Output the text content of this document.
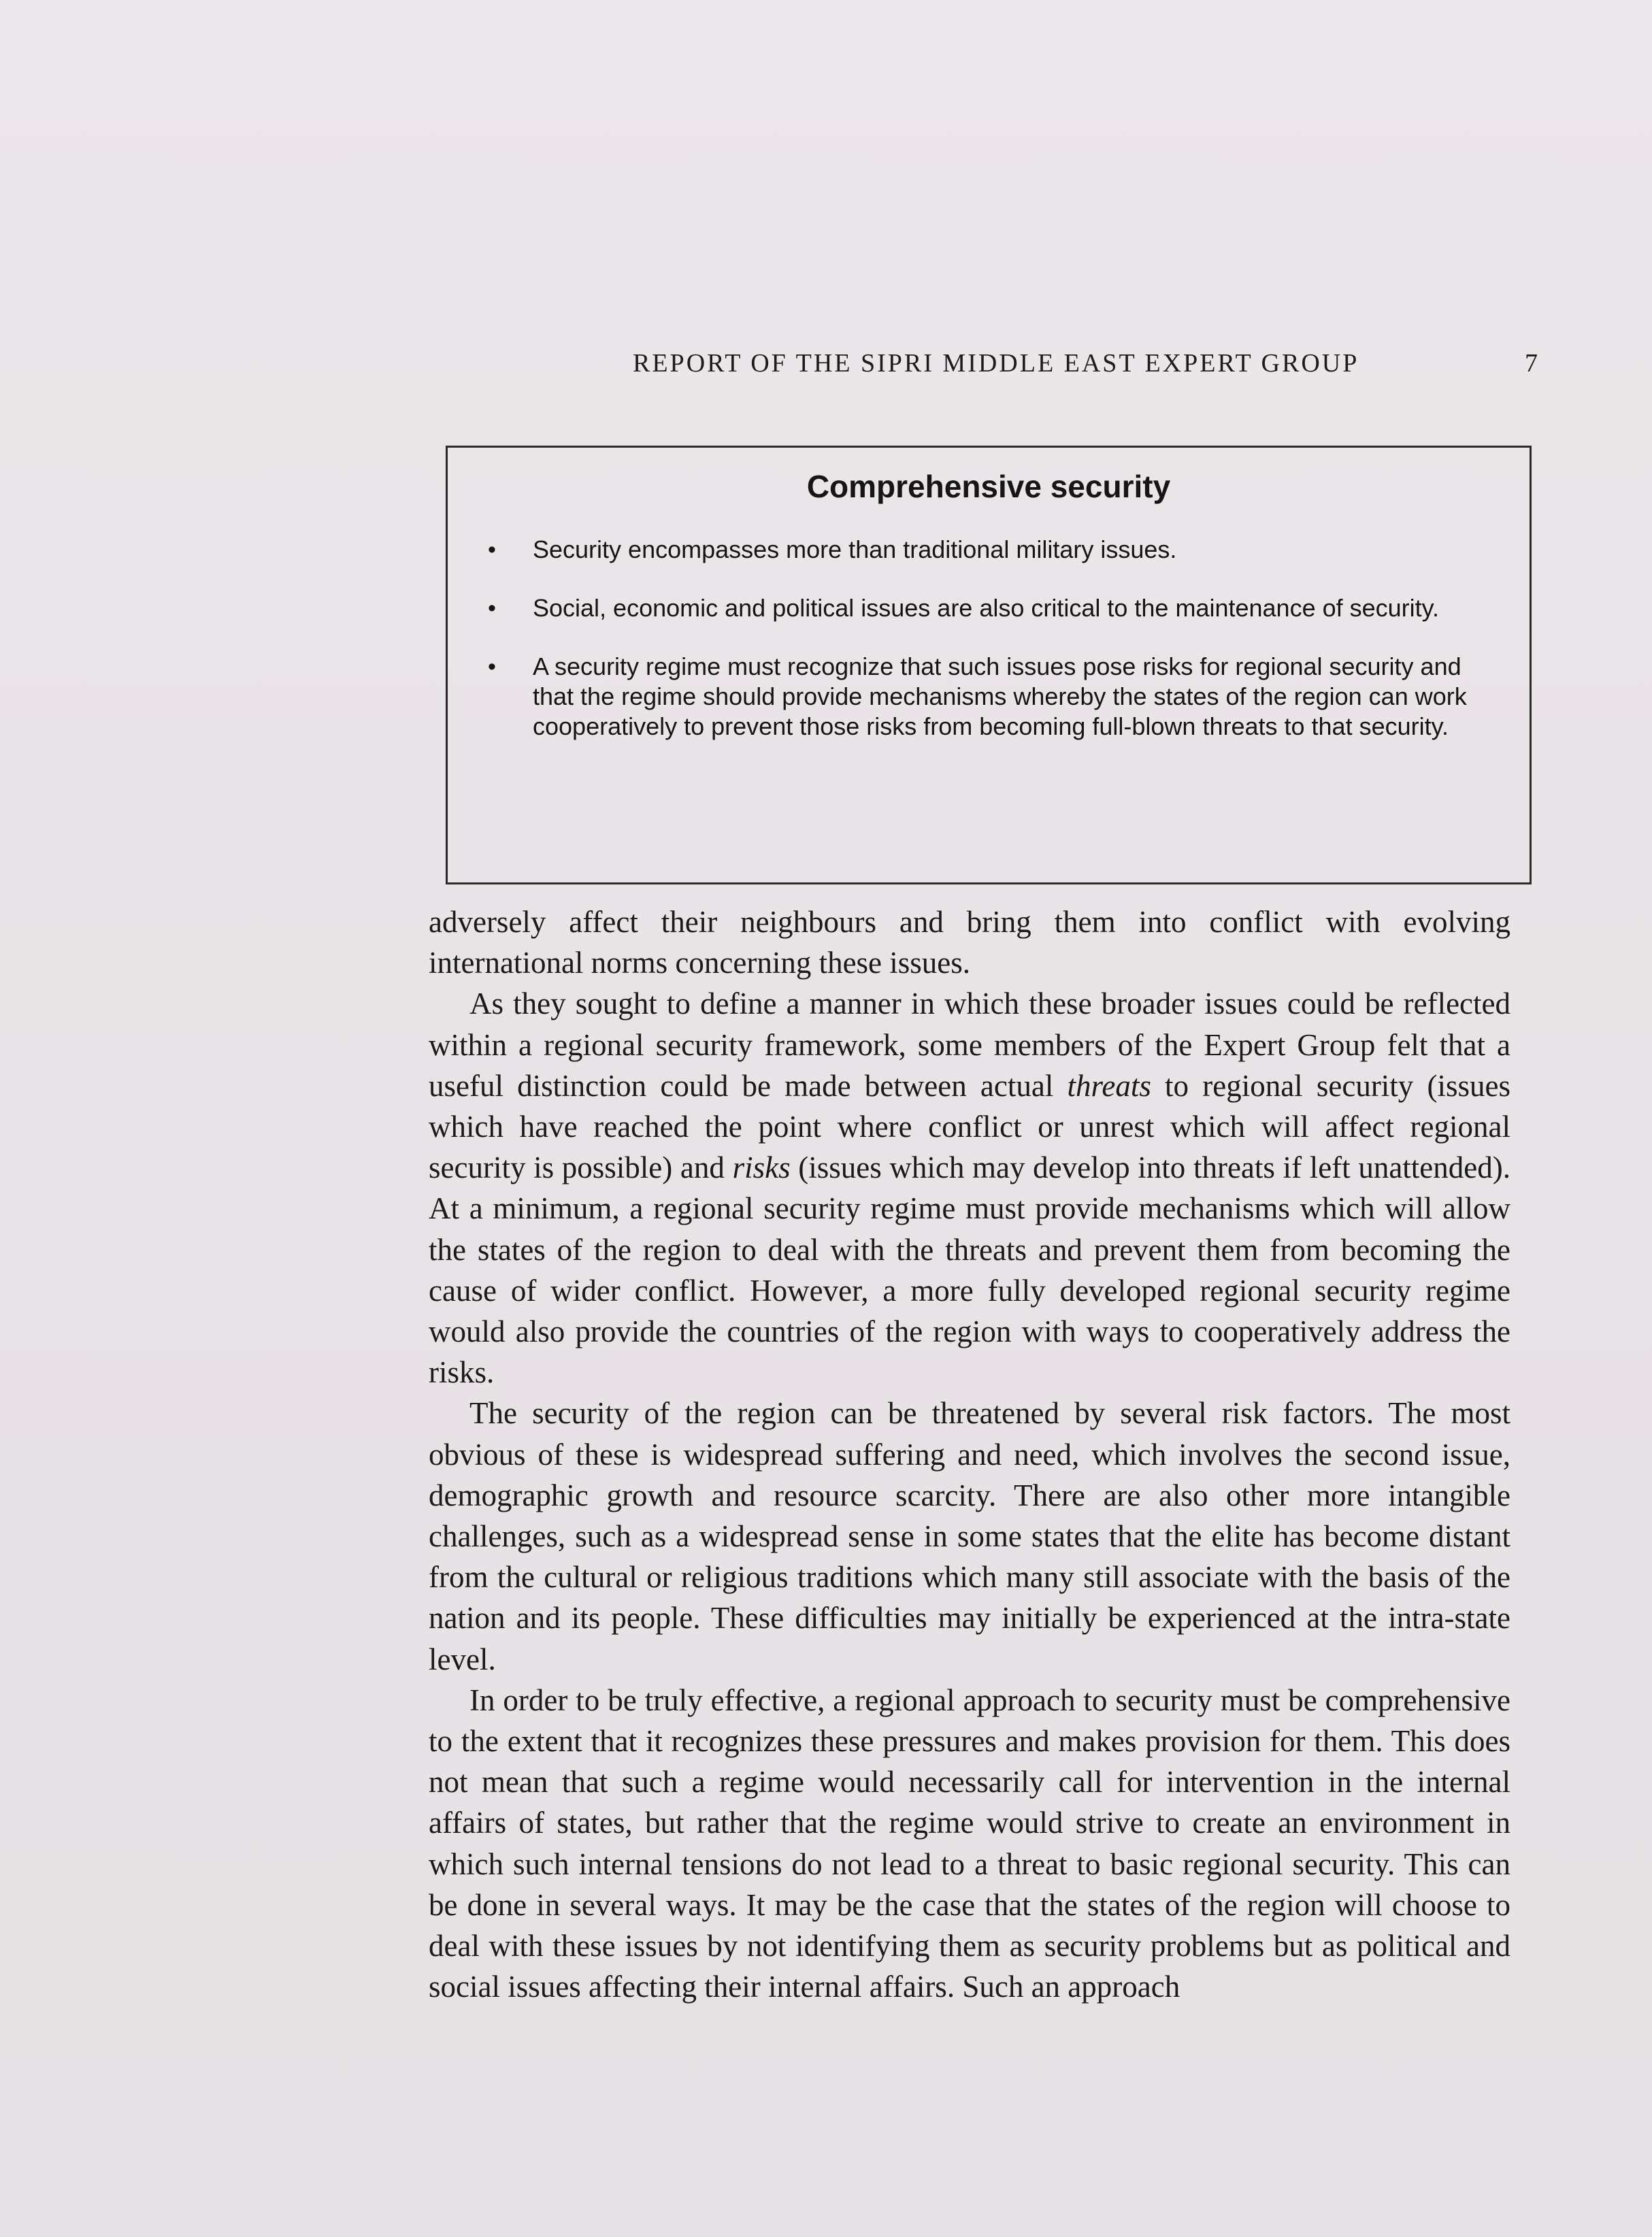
REPORT OF THE SIPRI MIDDLE EAST EXPERT GROUP	7
Comprehensive security
• Security encompasses more than traditional military issues.
• Social, economic and political issues are also critical to the maintenance of security.
• A security regime must recognize that such issues pose risks for regional security and that the regime should provide mechanisms whereby the states of the region can work cooperatively to prevent those risks from becoming full-blown threats to that security.

adversely affect their neighbours and bring them into conflict with evolving international norms concerning these issues.

As they sought to define a manner in which these broader issues could be reflected within a regional security framework, some members of the Expert Group felt that a useful distinction could be made between actual threats to regional security (issues which have reached the point where conflict or unrest which will affect regional security is possible) and risks (issues which may develop into threats if left unattended). At a minimum, a regional security regime must provide mechanisms which will allow the states of the region to deal with the threats and prevent them from becoming the cause of wider conflict. However, a more fully developed regional security regime would also provide the countries of the region with ways to cooperatively address the risks.

The security of the region can be threatened by several risk factors. The most obvious of these is widespread suffering and need, which involves the second issue, demographic growth and resource scarcity. There are also other more intangible challenges, such as a widespread sense in some states that the elite has become distant from the cultural or religious traditions which many still associate with the basis of the nation and its people. These difficulties may initially be experienced at the intra-state level.

In order to be truly effective, a regional approach to security must be comprehensive to the extent that it recognizes these pressures and makes provision for them. This does not mean that such a regime would necessarily call for intervention in the internal affairs of states, but rather that the regime would strive to create an environment in which such internal tensions do not lead to a threat to basic regional security. This can be done in several ways. It may be the case that the states of the region will choose to deal with these issues by not identifying them as security problems but as political and social issues affecting their internal affairs. Such an approach
